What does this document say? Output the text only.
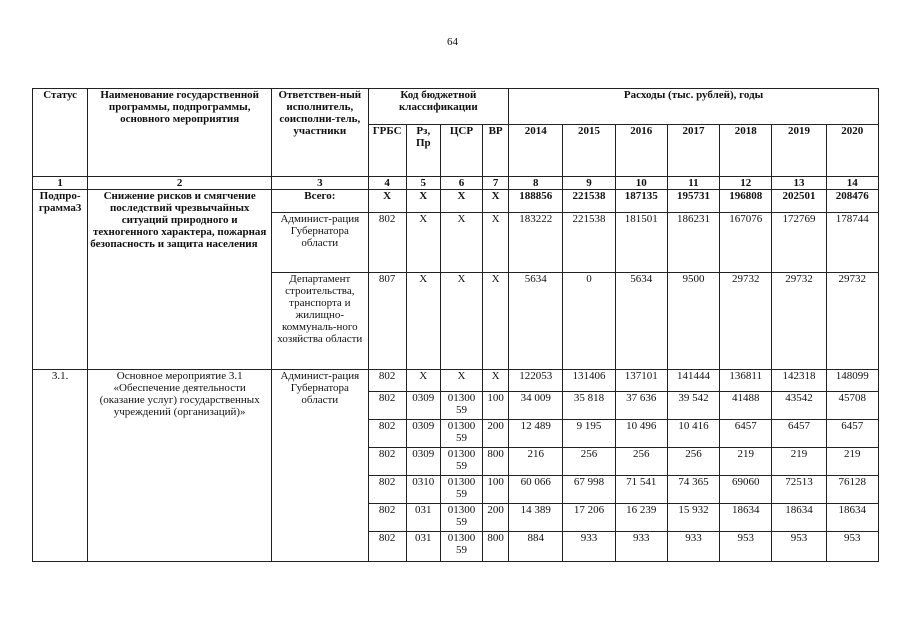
64
Статус	Наименование государственной программы, подпрограммы, основного мероприятия	Ответствен-ный исполнитель, соисполни-тель, участники	Код бюджетной классификации				Расходы (тыс. рублей), годы						
			ГРБС	Рз, Пр	ЦСР	ВР	2014	2015	2016	2017	2018	2019	2020
1	2	3	4	5	6	7	8	9	10	11	12	13	14
Подпро-грамма3	Снижение рисков и смягчение последствий чрезвычайных ситуаций природного и техногенного характера, пожарная безопасность и защита населения	Всего:	X	X	X	X	188856	221538	187135	195731	196808	202501	208476
		Админист-рация Губернатора области	802	X	X	X	183222	221538	181501	186231	167076	172769	178744
		Департамент строительства, транспорта и жилищно-коммуналь-ного хозяйства области	807	X	X	X	5634	0	5634	9500	29732	29732	29732
3.1.	Основное мероприятие 3.1 «Обеспечение деятельности (оказание услуг) государственных учреждений (организаций)»	Админист-рация Губернатора области	802	X	X	X	122053	131406	137101	141444	136811	142318	148099
			802	0309	01300 59	100	34 009	35 818	37 636	39 542	41488	43542	45708
			802	0309	01300 59	200	12 489	9 195	10 496	10 416	6457	6457	6457
			802	0309	01300 59	800	216	256	256	256	219	219	219
			802	0310	01300 59	100	60 066	67 998	71 541	74 365	69060	72513	76128
			802	031	01300 59	200	14 389	17 206	16 239	15 932	18634	18634	18634
			802	031	01300 59	800	884	933	933	933	953	953	953
